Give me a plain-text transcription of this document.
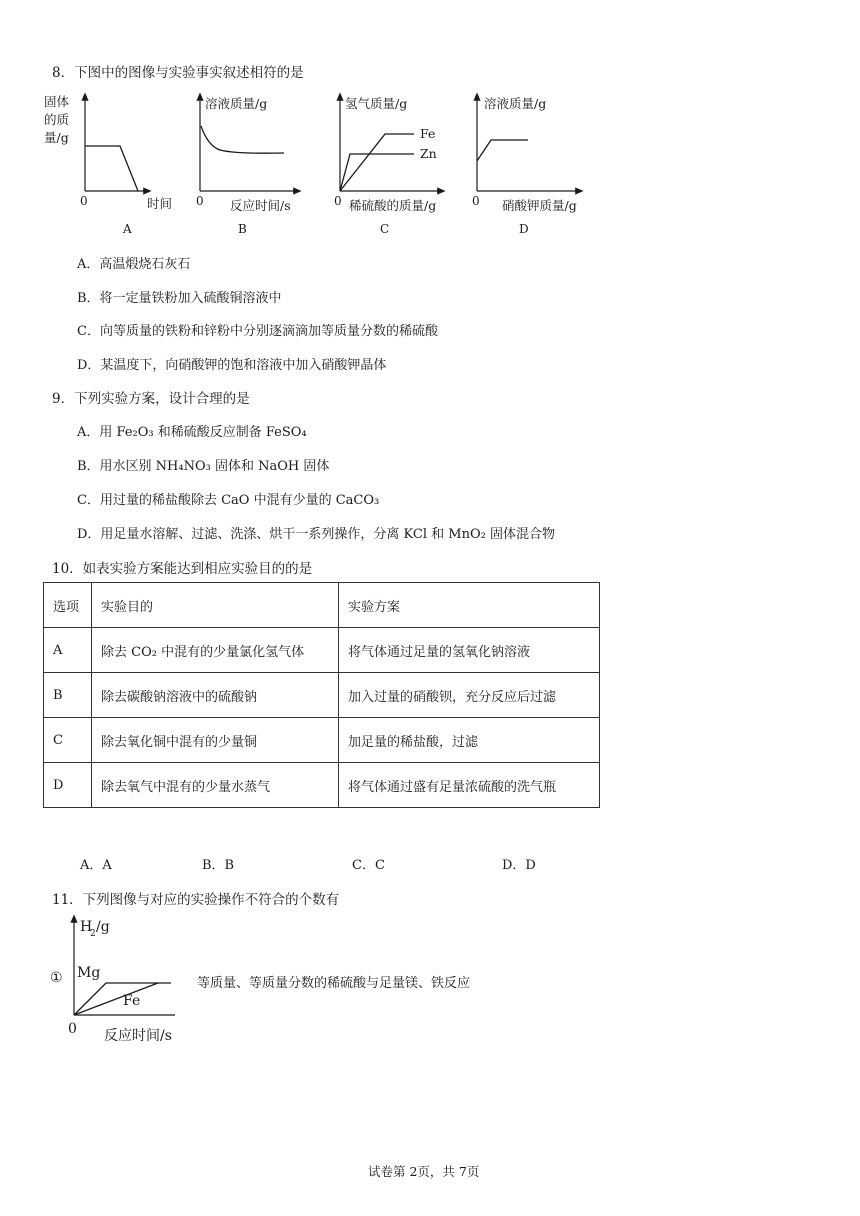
8．下图中的图像与实验事实叙述相符的是
固体
的质
量/g
0	时间
A
溶液质量/g
0 反应时间/s
B
氢气质量/g
Fe
Zn
0 稀硫酸的质量/g
C
溶液质量/g
0 硝酸钾质量/g
D
A．高温煅烧石灰石
B．将一定量铁粉加入硫酸铜溶液中
C．向等质量的铁粉和锌粉中分别逐滴滴加等质量分数的稀硫酸
D．某温度下，向硝酸钾的饱和溶液中加入硝酸钾晶体
9．下列实验方案，设计合理的是
A．用 Fe₂O₃ 和稀硫酸反应制备 FeSO₄
B．用水区别 NH₄NO₃ 固体和 NaOH 固体
C．用过量的稀盐酸除去 CaO 中混有少量的 CaCO₃
D．用足量水溶解、过滤、洗涤、烘干一系列操作，分离 KCl 和 MnO₂ 固体混合物
10．如表实验方案能达到相应实验目的的是
选项	实验目的	实验方案
A	除去 CO₂ 中混有的少量氯化氢气体	将气体通过足量的氢氧化钠溶液
B	除去碳酸钠溶液中的硫酸钠	加入过量的硝酸钡，充分反应后过滤
C	除去氧化铜中混有的少量铜	加足量的稀盐酸，过滤
D	除去氧气中混有的少量水蒸气	将气体通过盛有足量浓硫酸的洗气瓶
A．A	B．B	C．C	D．D
11．下列图像与对应的实验操作不符合的个数有
①
H
2 /g
Mg
Fe
0 反应时间/s
等质量、等质量分数的稀硫酸与足量镁、铁反应
试卷第 2页，共 7页
